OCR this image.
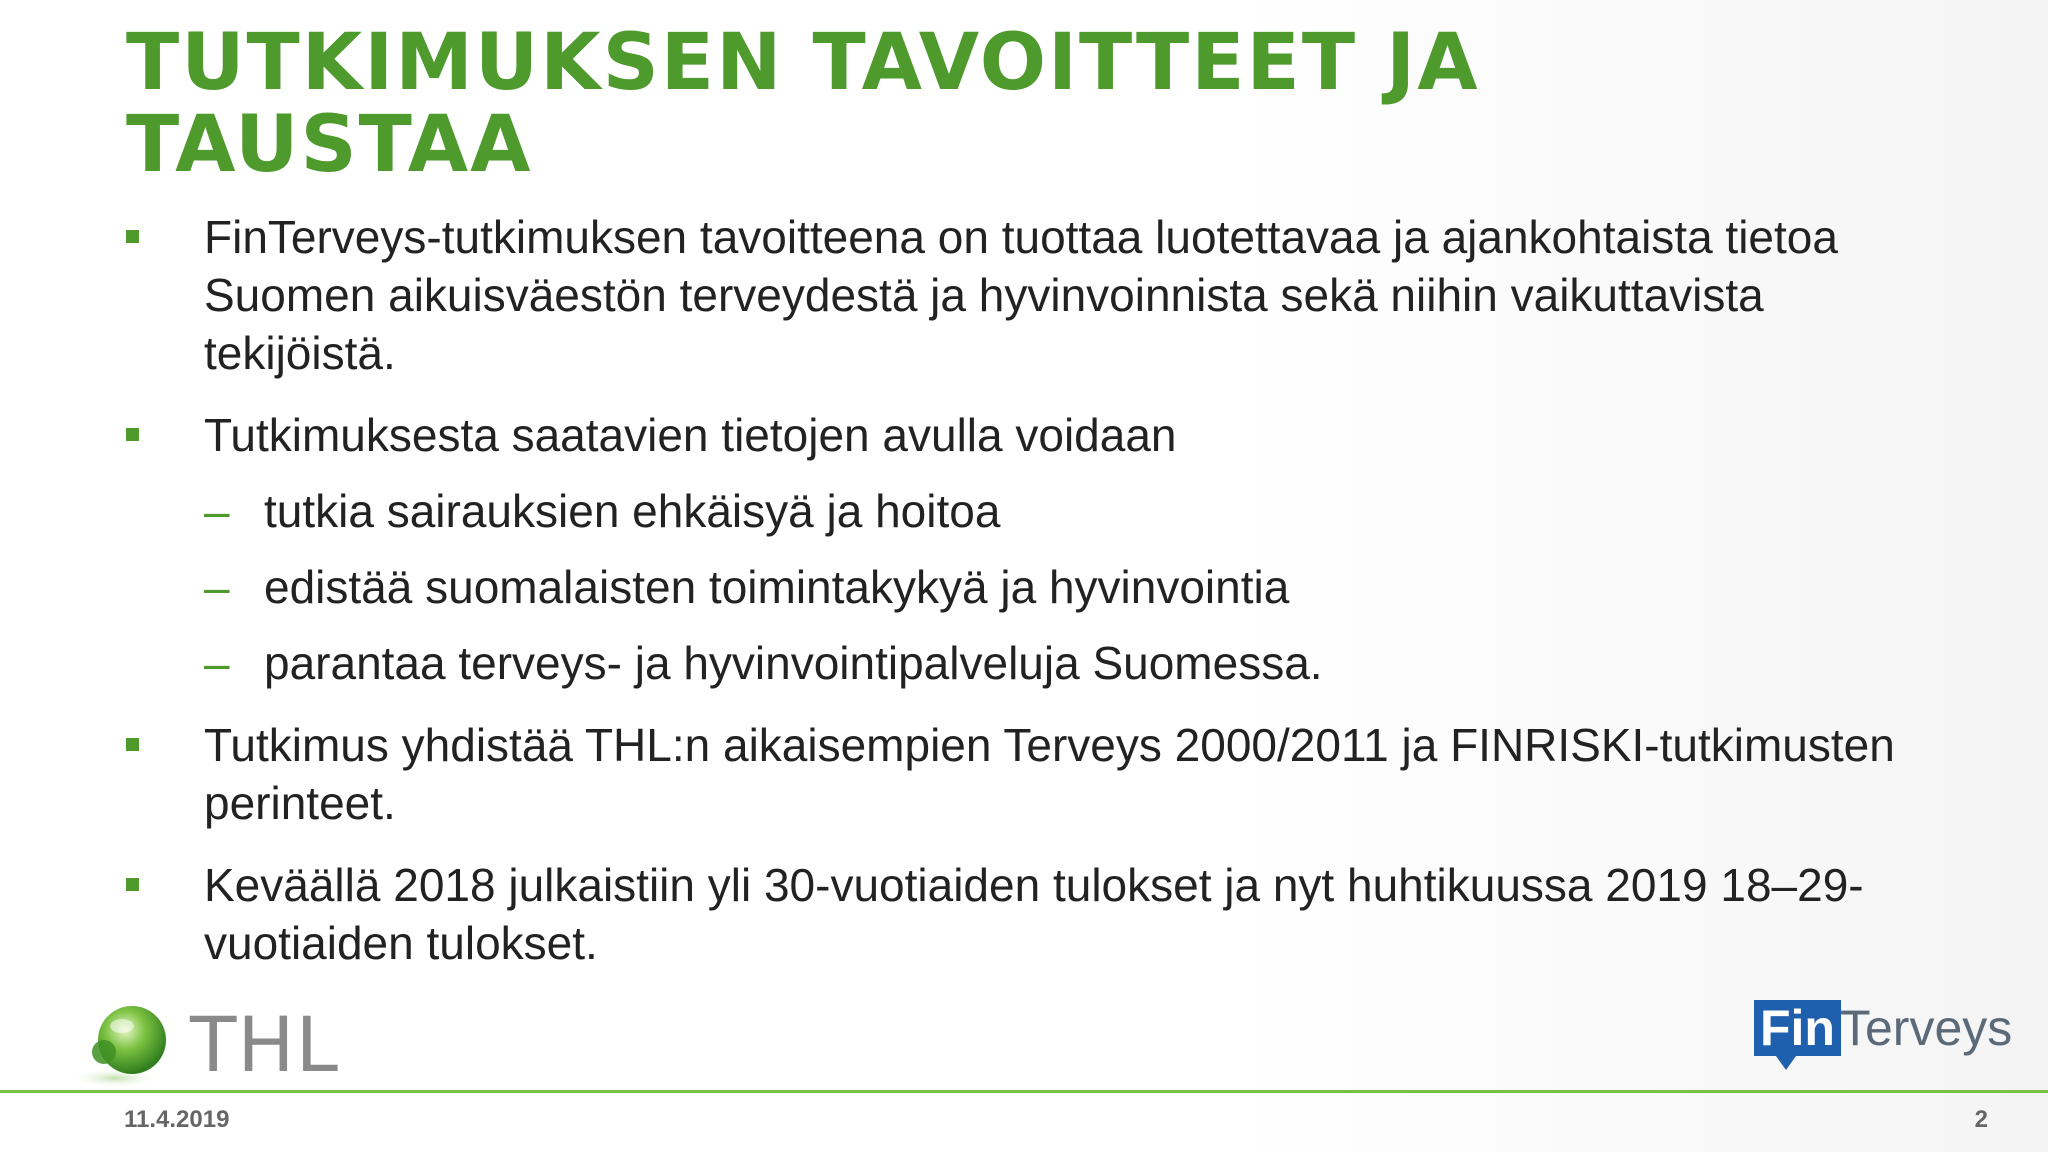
TUTKIMUKSEN TAVOITTEET JA TAUSTAA
FinTerveys-tutkimuksen tavoitteena on tuottaa luotettavaa ja ajankohtaista tietoa Suomen aikuisväestön terveydestä ja hyvinvoinnista sekä niihin vaikuttavista tekijöistä.
Tutkimuksesta saatavien tietojen avulla voidaan
– tutkia sairauksien ehkäisyä ja hoitoa
– edistää suomalaisten toimintakykyä ja hyvinvointia
– parantaa terveys- ja hyvinvointipalveluja Suomessa.
Tutkimus yhdistää THL:n aikaisempien Terveys 2000/2011 ja FINRISKI-tutkimusten perinteet.
Keväällä 2018 julkaistiin yli 30-vuotiaiden tulokset ja nyt huhtikuussa 2019 18–29-vuotiaiden tulokset.
THL	Fin Terveys
11.4.2019	2
